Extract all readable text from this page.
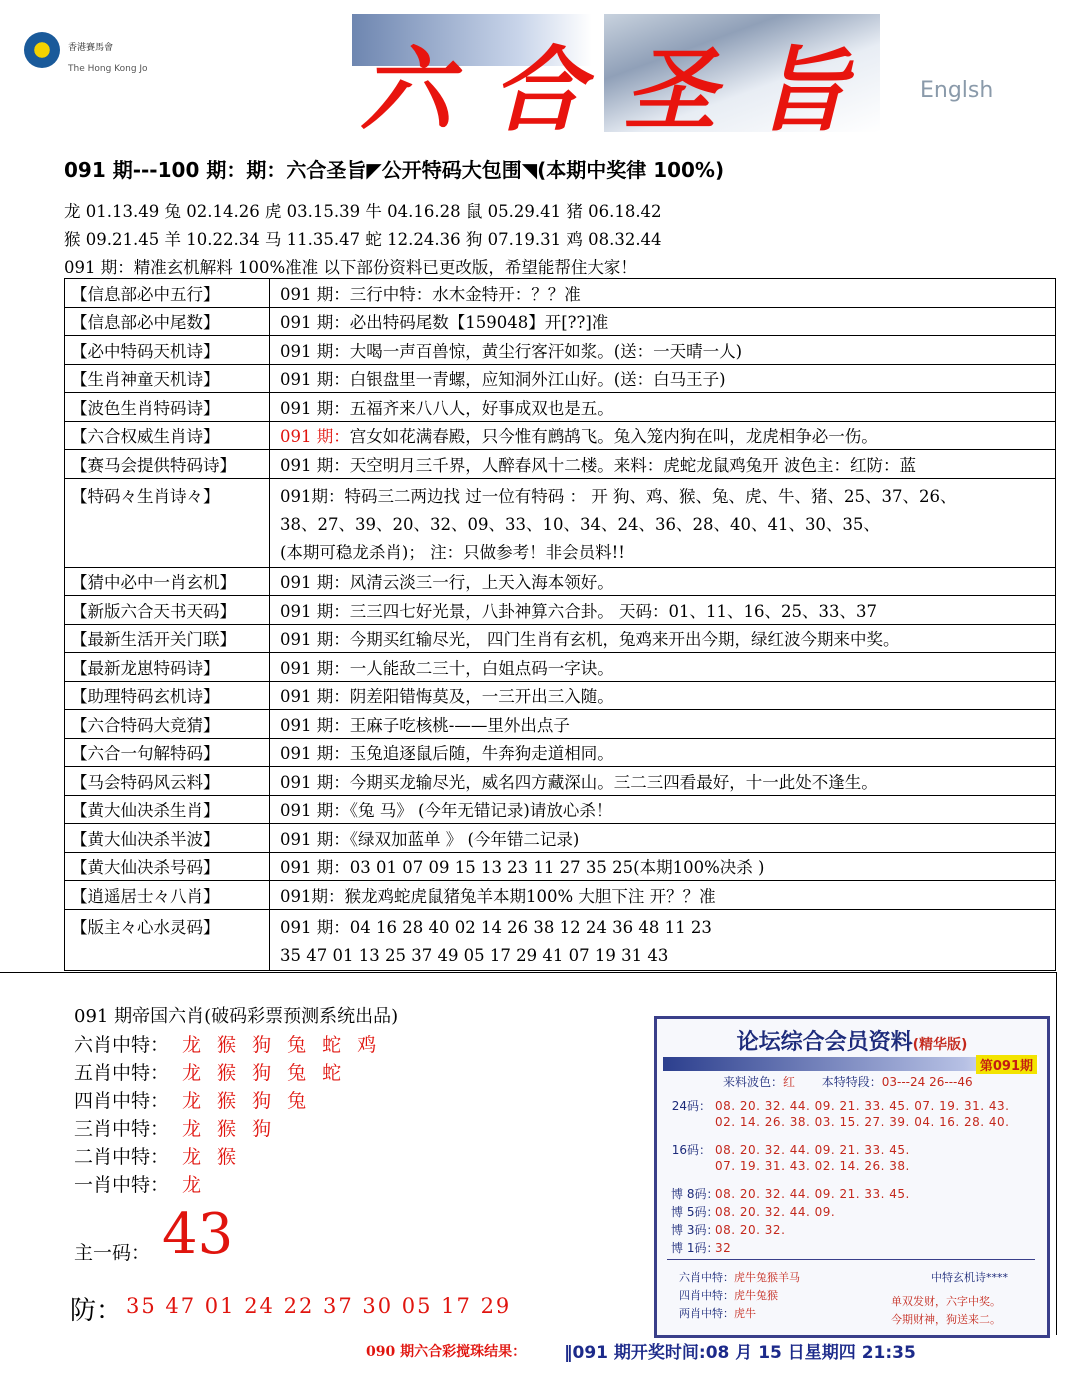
香港賽馬會
The Hong Kong Jo 六合圣旨 Englsh
091 期---100 期：期：六合圣旨◤公开特码大包围◥(本期中奖律 100%)
龙 01.13.49 兔 02.14.26 虎 03.15.39 牛 04.16.28 鼠 05.29.41 猪 06.18.42
猴 09.21.45 羊 10.22.34 马 11.35.47 蛇 12.24.36 狗 07.19.31 鸡 08.32.44
091 期：精准玄机解料 100%准准 以下部份资料已更改版，希望能帮住大家！
【信息部必中五行】	091 期：三行中特：水木金特开：？？准
【信息部必中尾数】	091 期：必出特码尾数【159048】开[??]准
【必中特码天机诗】	091 期：大喝一声百兽惊，黄尘行客汗如浆。(送：一天晴一人)
【生肖神童天机诗】	091 期：白银盘里一青螺，应知洞外江山好。(送：白马王子)
【波色生肖特码诗】	091 期：五福齐来八八人，好事成双也是五。
【六合权威生肖诗】	091 期：宫女如花满春殿，只今惟有鹧鸪飞。兔入笼内狗在叫，龙虎相争必一伤。
【赛马会提供特码诗】	091 期：天空明月三千界，人醉春风十二楼。来料：虎蛇龙鼠鸡兔开 波色主：红防：蓝
【特码々生肖诗々】	091期：特码三二两边找 过一位有特码 ： 开 狗、鸡、猴、兔、虎、牛、猪、25、37、26、
38、27、39、20、32、09、33、10、34、24、36、28、40、41、30、35、
(本期可稳龙杀肖)； 注：只做参考！非会员料!!

【猜中必中一肖玄机】	091 期：风清云淡三一行，上天入海本领好。
【新版六合天书天码】	091 期：三三四七好光景，八卦神算六合卦。 天码：01、11、16、25、33、37
【最新生活开关门联】	091 期：今期买红输尽光， 四门生肖有玄机，兔鸡来开出今期，绿红波今期来中奖。
【最新龙崽特码诗】	091 期：一人能敌二三十，白姐点码一字诀。
【助理特码玄机诗】	091 期：阴差阳错悔莫及，一三开出三入随。
【六合特码大竞猜】	091 期：王麻子吃核桃-——里外出点子
【六合一句解特码】	091 期：玉兔追逐鼠后随，牛奔狗走道相同。
【马会特码风云料】	091 期：今期买龙输尽光，威名四方藏深山。三二三四看最好，十一此处不逢生。
【黄大仙决杀生肖】	091 期：《兔 马》 (今年无错记录)请放心杀！
【黄大仙决杀半波】	091 期：《绿双加蓝单 》 (今年错二记录)
【黄大仙决杀号码】	091 期：03 01 07 09 15 13 23 11 27 35 25(本期100%决杀 )
【逍遥居士々八肖】	091期：猴龙鸡蛇虎鼠猪兔羊本期100% 大胆下注 开？？准
【版主々心水灵码】	091 期：04 16 28 40 02 14 26 38 12 24 36 48 11 23
35 47 01 13 25 37 49 05 17 29 41 07 19 31 43
091 期帝国六肖(破码彩票预测系统出品)
六肖中特： 龙 猴 狗 兔 蛇 鸡
五肖中特： 龙 猴 狗 兔 蛇
四肖中特： 龙 猴 狗 兔
三肖中特： 龙 猴 狗
二肖中特： 龙 猴
一肖中特： 龙
主一码： 43
防： 35 47 01 24 22 37 30 05 17 29
论坛综合会员资料(精华版)
第091期
来料波色：红 本特特段：03---24 26---46
24码： 08. 20. 32. 44. 09. 21. 33. 45. 07. 19. 31. 43.
02. 14. 26. 38. 03. 15. 27. 39. 04. 16. 28. 40.
16码： 08. 20. 32. 44. 09. 21. 33. 45.
07. 19. 31. 43. 02. 14. 26. 38.
博 8码：08. 20. 32. 44. 09. 21. 33. 45.
博 5码：08. 20. 32. 44. 09.
博 3码：08. 20. 32.
博 1码：32
六肖中特：虎牛兔猴羊马
四肖中特：虎牛兔猴
两肖中特：虎牛
中特玄机诗****
单双发财，六字中奖。
今期财神，狗送来二。
090 期六合彩搅珠结果： ‖091 期开奖时间:08 月 15 日星期四 21:35
